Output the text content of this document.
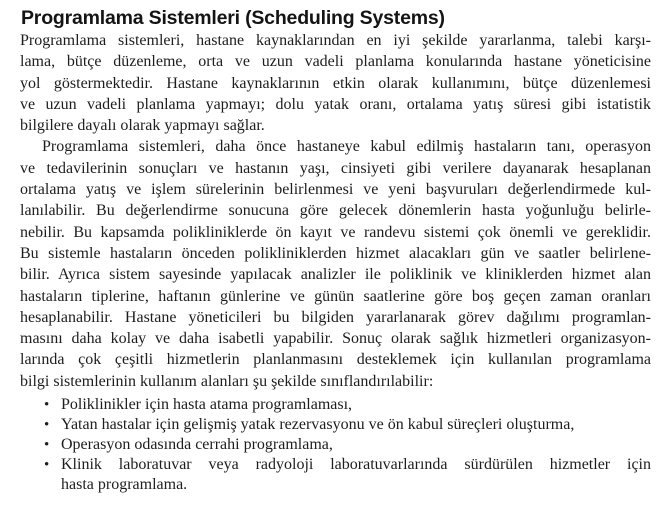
Programlama Sistemleri (Scheduling Systems)
Programlama sistemleri, hastane kaynaklarından en iyi şekilde yararlanma, talebi karşı-
lama, bütçe düzenleme, orta ve uzun vadeli planlama konularında hastane yöneticisine
yol göstermektedir. Hastane kaynaklarının etkin olarak kullanımını, bütçe düzenlemesi
ve uzun vadeli planlama yapmayı; dolu yatak oranı, ortalama yatış süresi gibi istatistik
bilgilere dayalı olarak yapmayı sağlar.
Programlama sistemleri, daha önce hastaneye kabul edilmiş hastaların tanı, operasyon
ve tedavilerinin sonuçları ve hastanın yaşı, cinsiyeti gibi verilere dayanarak hesaplanan
ortalama yatış ve işlem sürelerinin belirlenmesi ve yeni başvuruları değerlendirmede kul-
lanılabilir. Bu değerlendirme sonucuna göre gelecek dönemlerin hasta yoğunluğu belirle-
nebilir. Bu kapsamda polikliniklerde ön kayıt ve randevu sistemi çok önemli ve gereklidir.
Bu sistemle hastaların önceden polikliniklerden hizmet alacakları gün ve saatler belirlene-
bilir. Ayrıca sistem sayesinde yapılacak analizler ile poliklinik ve kliniklerden hizmet alan
hastaların tiplerine, haftanın günlerine ve günün saatlerine göre boş geçen zaman oranları
hesaplanabilir. Hastane yöneticileri bu bilgiden yararlanarak görev dağılımı programlan-
masını daha kolay ve daha isabetli yapabilir. Sonuç olarak sağlık hizmetleri organizasyon-
larında çok çeşitli hizmetlerin planlanmasını desteklemek için kullanılan programlama
bilgi sistemlerinin kullanım alanları şu şekilde sınıflandırılabilir:
• Poliklinikler için hasta atama programlaması,
• Yatan hastalar için gelişmiş yatak rezervasyonu ve ön kabul süreçleri oluşturma,
• Operasyon odasında cerrahi programlama,
• Klinik laboratuvar veya radyoloji laboratuvarlarında sürdürülen hizmetler için
hasta programlama.
